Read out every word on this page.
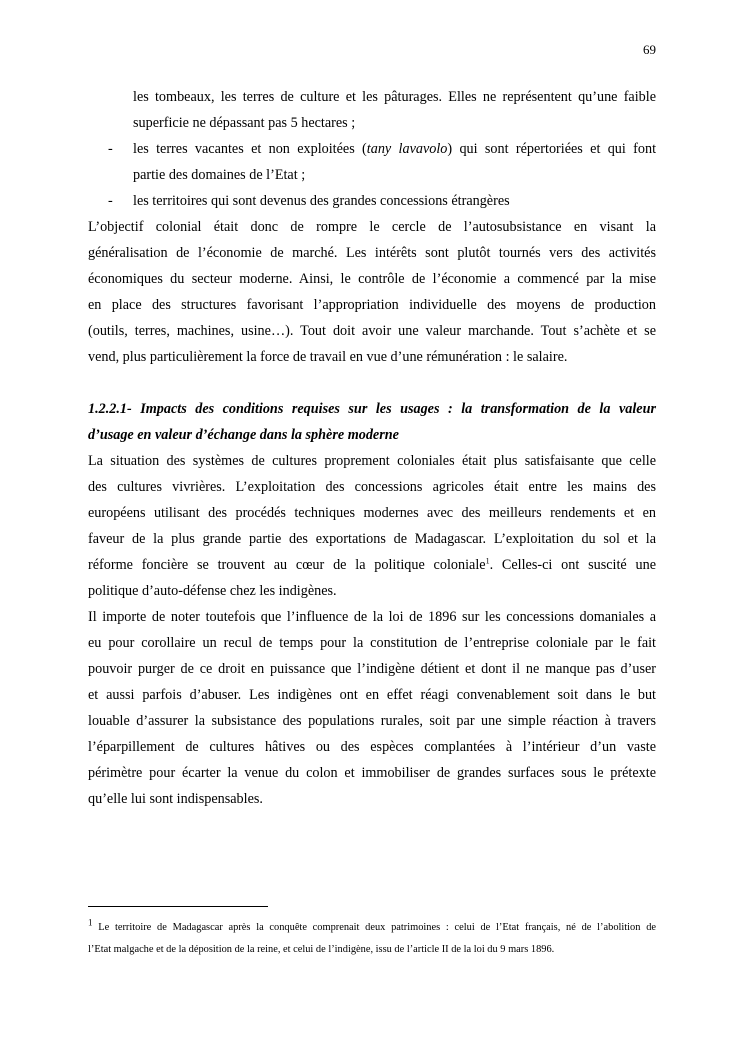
69

les tombeaux, les terres de culture et les pâturages. Elles ne représentent qu’une faible

superficie ne dépassant pas 5 hectares ;

- les terres vacantes et non exploitées (tany lavavolo) qui sont répertoriées et qui font

partie des domaines de l’Etat ;

- les territoires qui sont devenus des grandes concessions étrangères

L’objectif colonial était donc de rompre le cercle de l’autosubsistance en visant la

généralisation de l’économie de marché. Les intérêts sont plutôt tournés vers des activités

économiques du secteur moderne. Ainsi, le contrôle de l’économie a commencé par la mise

en place des structures favorisant l’appropriation individuelle des moyens de production

(outils, terres, machines, usine…). Tout doit avoir une valeur marchande. Tout s’achète et se

vend, plus particulièrement la force de travail en vue d’une rémunération : le salaire.

1.2.2.1- Impacts des conditions requises sur les usages : la transformation de la valeur

d’usage en valeur d’échange dans la sphère moderne

La situation des systèmes de cultures proprement coloniales était plus satisfaisante que celle

des cultures vivrières. L’exploitation des concessions agricoles était entre les mains des

européens utilisant des procédés techniques modernes avec des meilleurs rendements et en

faveur de la plus grande partie des exportations de Madagascar. L’exploitation du sol et la

réforme foncière se trouvent au cœur de la politique coloniale$^1$. Celles-ci ont suscité une

politique d’auto-défense chez les indigènes.

Il importe de noter toutefois que l’influence de la loi de 1896 sur les concessions domaniales a

eu pour corollaire un recul de temps pour la constitution de l’entreprise coloniale par le fait

pouvoir purger de ce droit en puissance que l’indigène détient et dont il ne manque pas d’user

et aussi parfois d’abuser. Les indigènes ont en effet réagi convenablement soit dans le but

louable d’assurer la subsistance des populations rurales, soit par une simple réaction à travers

l’éparpillement de cultures hâtives ou des espèces complantées à l’intérieur d’un vaste

périmètre pour écarter la venue du colon et immobiliser de grandes surfaces sous le prétexte

qu’elle lui sont indispensables.

$^1$ Le territoire de Madagascar après la conquête comprenait deux patrimoines : celui de l’Etat français, né de l’abolition de

l’Etat malgache et de la déposition de la reine, et celui de l’indigène, issu de l’article II de la loi du 9 mars 1896.
